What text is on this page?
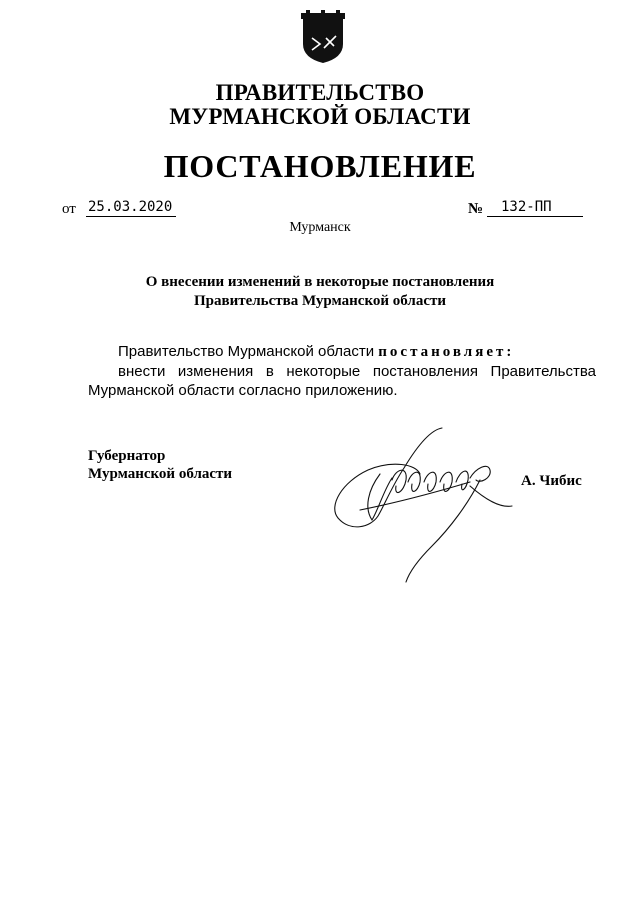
ПРАВИТЕЛЬСТВО
МУРМАНСКОЙ ОБЛАСТИ
ПОСТАНОВЛЕНИЕ
от 25.03.2020	№	132-ПП
Мурманск
О внесении изменений в некоторые постановления
Правительства Мурманской области
Правительство Мурманской области постановляет:
внести изменения в некоторые постановления Правительства
Мурманской области согласно приложению.
Губернатор
Мурманской области	А. Чибис
